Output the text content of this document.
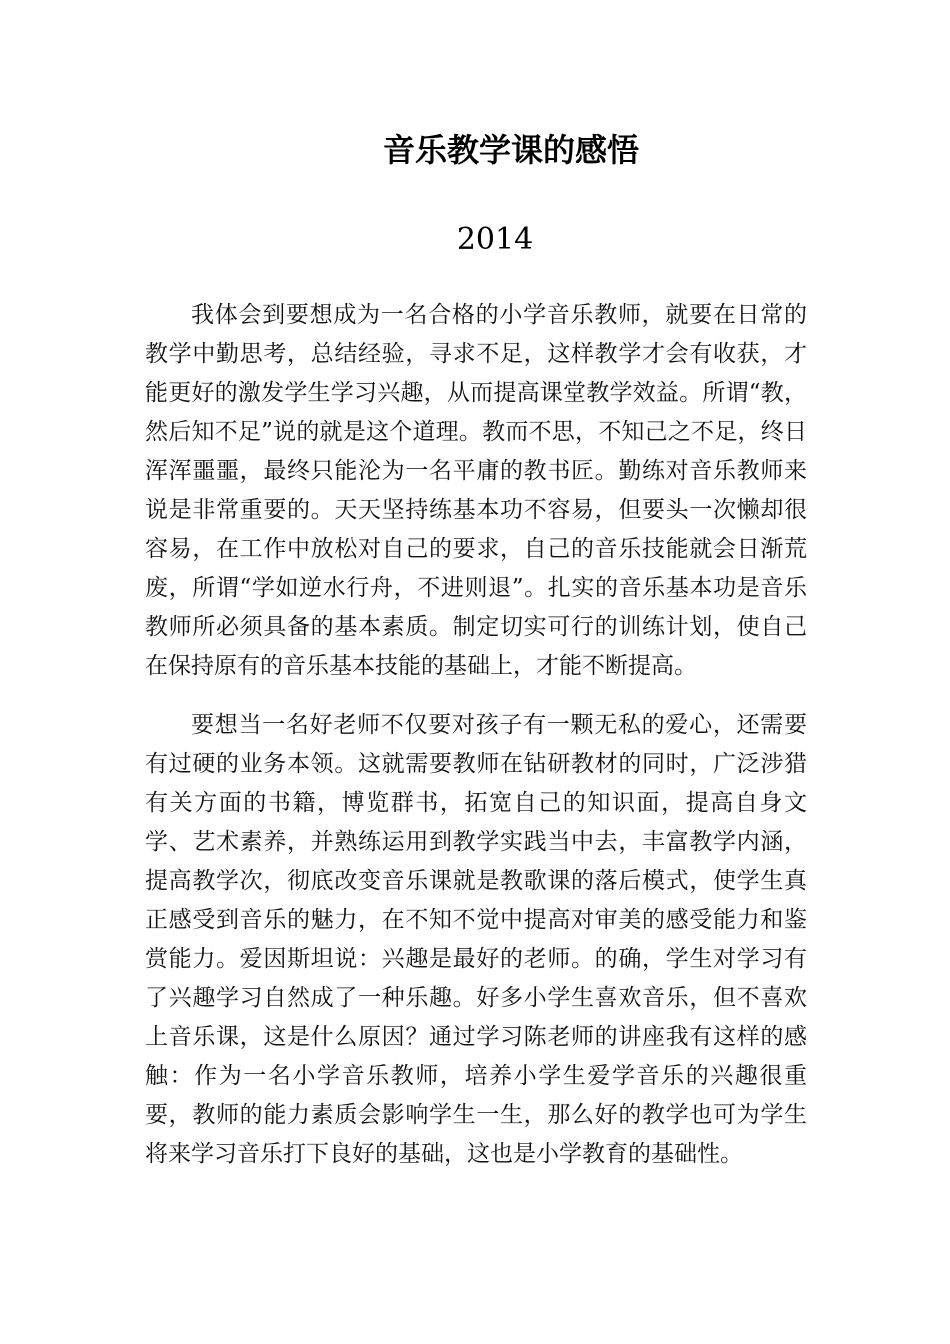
音乐教学课的感悟
2014

我体会到要想成为一名合格的小学音乐教师，就要在日常的教学中勤思考，总结经验，寻求不足，这样教学才会有收获，才能更好的激发学生学习兴趣，从而提高课堂教学效益。所谓“教，然后知不足”说的就是这个道理。教而不思，不知己之不足，终日浑浑噩噩，最终只能沦为一名平庸的教书匠。勤练对音乐教师来说是非常重要的。天天坚持练基本功不容易，但要头一次懒却很容易，在工作中放松对自己的要求，自己的音乐技能就会日渐荒废，所谓“学如逆水行舟，不进则退”。扎实的音乐基本功是音乐教师所必须具备的基本素质。制定切实可行的训练计划，使自己在保持原有的音乐基本技能的基础上，才能不断提高。

要想当一名好老师不仅要对孩子有一颗无私的爱心，还需要有过硬的业务本领。这就需要教师在钻研教材的同时，广泛涉猎有关方面的书籍，博览群书，拓宽自己的知识面，提高自身文学、艺术素养，并熟练运用到教学实践当中去，丰富教学内涵，提高教学次，彻底改变音乐课就是教歌课的落后模式，使学生真正感受到音乐的魅力，在不知不觉中提高对审美的感受能力和鉴赏能力。爱因斯坦说：兴趣是最好的老师。的确，学生对学习有了兴趣学习自然成了一种乐趣。好多小学生喜欢音乐，但不喜欢上音乐课，这是什么原因？通过学习陈老师的讲座我有这样的感触：作为一名小学音乐教师，培养小学生爱学音乐的兴趣很重要，教师的能力素质会影响学生一生，那么好的教学也可为学生将来学习音乐打下良好的基础，这也是小学教育的基础性。
